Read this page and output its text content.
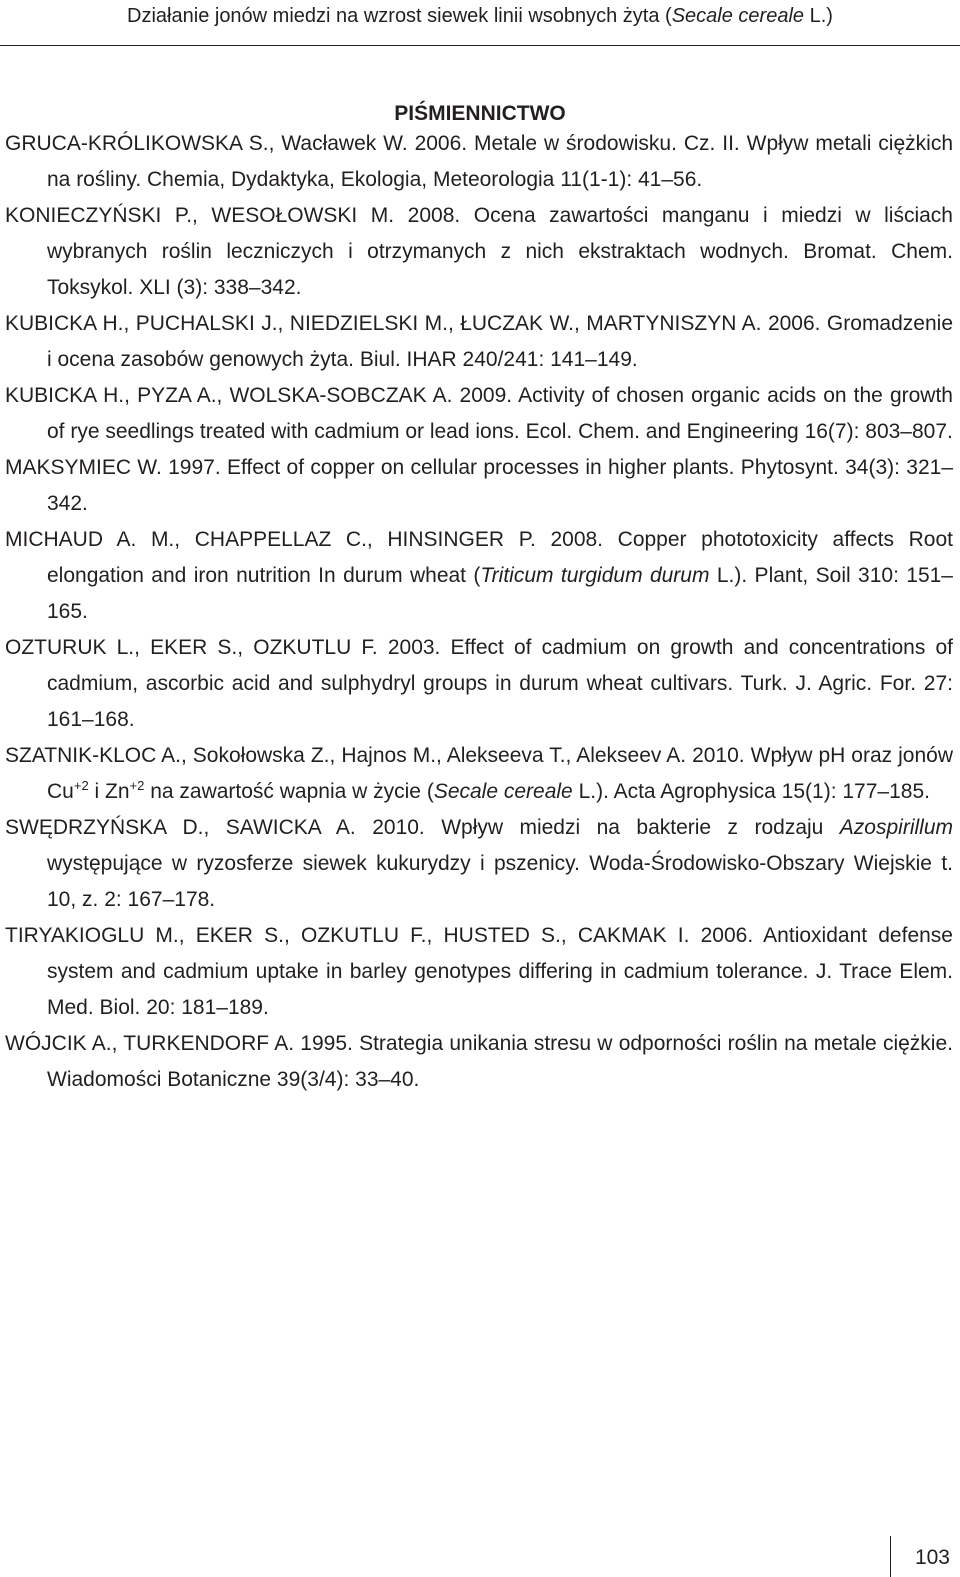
Działanie jonów miedzi na wzrost siewek linii wsobnych żyta (Secale cereale L.)
PIŚMIENNICTWO

GRUCA-KRÓLIKOWSKA S., Wacławek W. 2006. Metale w środowisku. Cz. II. Wpływ metali ciężkich na rośliny. Chemia, Dydaktyka, Ekologia, Meteorologia 11(1-1): 41–56.

KONIECZYŃSKI P., WESOŁOWSKI M. 2008. Ocena zawartości manganu i miedzi w liściach wybranych roślin leczniczych i otrzymanych z nich ekstraktach wodnych. Bromat. Chem. Toksykol. XLI (3): 338–342.

KUBICKA H., PUCHALSKI J., NIEDZIELSKI M., ŁUCZAK W., MARTYNISZYN A. 2006. Gromadzenie i ocena zasobów genowych żyta. Biul. IHAR 240/241: 141–149.

KUBICKA H., PYZA A., WOLSKA-SOBCZAK A. 2009. Activity of chosen organic acids on the growth of rye seedlings treated with cadmium or lead ions. Ecol. Chem. and Engineering 16(7): 803–807.

MAKSYMIEC W. 1997. Effect of copper on cellular processes in higher plants. Phytosynt. 34(3): 321–342.

MICHAUD A. M., CHAPPELLAZ C., HINSINGER P. 2008. Copper phototoxicity affects Root elongation and iron nutrition In durum wheat (Triticum turgidum durum L.). Plant, Soil 310: 151–165.

OZTURUK L., EKER S., OZKUTLU F. 2003. Effect of cadmium on growth and concentrations of cadmium, ascorbic acid and sulphydryl groups in durum wheat cultivars. Turk. J. Agric. For. 27: 161–168.

SZATNIK-KLOC A., Sokołowska Z., Hajnos M., Alekseeva T., Alekseev A. 2010. Wpływ pH oraz jonów $Cu^{+2}$ i $Zn^{+2}$ na zawartość wapnia w życie (Secale cereale L.). Acta Agrophysica 15(1): 177–185.

SWĘDRZYŃSKA D., SAWICKA A. 2010. Wpływ miedzi na bakterie z rodzaju Azospirillum występujące w ryzosferze siewek kukurydzy i pszenicy. Woda-Środowisko-Obszary Wiejskie t. 10, z. 2: 167–178.

TIRYAKIOGLU M., EKER S., OZKUTLU F., HUSTED S., CAKMAK I. 2006. Antioxidant defense system and cadmium uptake in barley genotypes differing in cadmium tolerance. J. Trace Elem. Med. Biol. 20: 181–189.

WÓJCIK A., TURKENDORF A. 1995. Strategia unikania stresu w odporności roślin na metale ciężkie. Wiadomości Botaniczne 39(3/4): 33–40.

103
